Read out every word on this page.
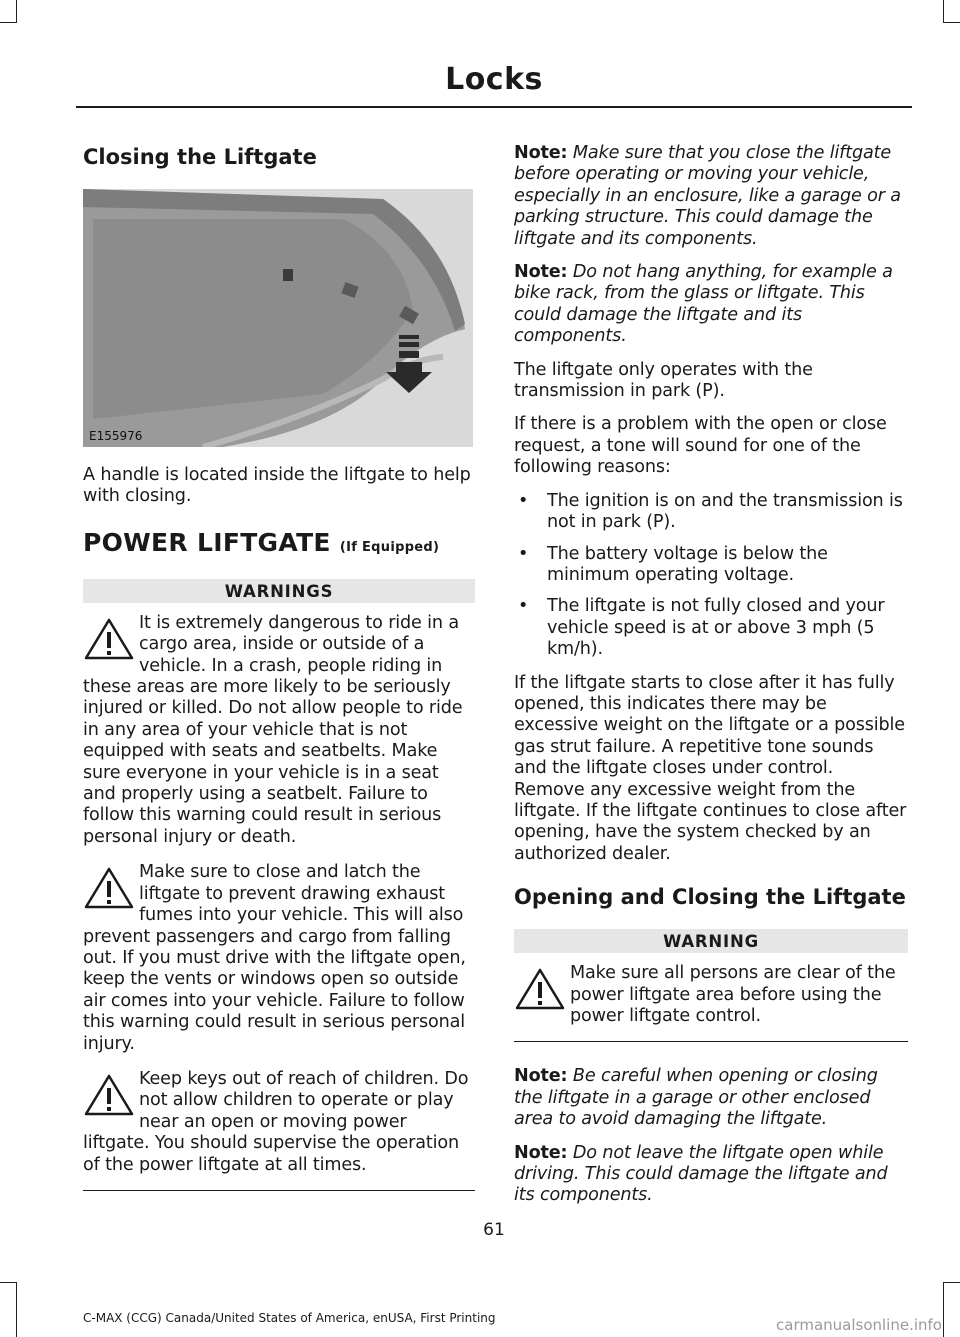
Locks
Closing the Liftgate
E155976

A handle is located inside the liftgate to help with closing.

POWER LIFTGATE (If Equipped)
WARNINGS

It is extremely dangerous to ride in a cargo area, inside or outside of a vehicle. In a crash, people riding in these areas are more likely to be seriously injured or killed. Do not allow people to ride in any area of your vehicle that is not equipped with seats and seatbelts. Make sure everyone in your vehicle is in a seat and properly using a seatbelt. Failure to follow this warning could result in serious personal injury or death.

Make sure to close and latch the liftgate to prevent drawing exhaust fumes into your vehicle. This will also prevent passengers and cargo from falling out. If you must drive with the liftgate open, keep the vents or windows open so outside air comes into your vehicle. Failure to follow this warning could result in serious personal injury.

Keep keys out of reach of children. Do not allow children to operate or play near an open or moving power liftgate. You should supervise the operation of the power liftgate at all times.

Note: Make sure that you close the liftgate before operating or moving your vehicle, especially in an enclosure, like a garage or a parking structure. This could damage the liftgate and its components.

Note: Do not hang anything, for example a bike rack, from the glass or liftgate. This could damage the liftgate and its components.

The liftgate only operates with the transmission in park (P).

If there is a problem with the open or close request, a tone will sound for one of the following reasons:

• The ignition is on and the transmission is not in park (P).
• The battery voltage is below the minimum operating voltage.
• The liftgate is not fully closed and your vehicle speed is at or above 3 mph (5 km/h).

If the liftgate starts to close after it has fully opened, this indicates there may be excessive weight on the liftgate or a possible gas strut failure. A repetitive tone sounds and the liftgate closes under control. Remove any excessive weight from the liftgate. If the liftgate continues to close after opening, have the system checked by an authorized dealer.

Opening and Closing the Liftgate
WARNING

Make sure all persons are clear of the power liftgate area before using the power liftgate control.

Note: Be careful when opening or closing the liftgate in a garage or other enclosed area to avoid damaging the liftgate.

Note: Do not leave the liftgate open while driving. This could damage the liftgate and its components.

61
C-MAX (CCG) Canada/United States of America, enUSA, First Printing	carmanualsonline.info
